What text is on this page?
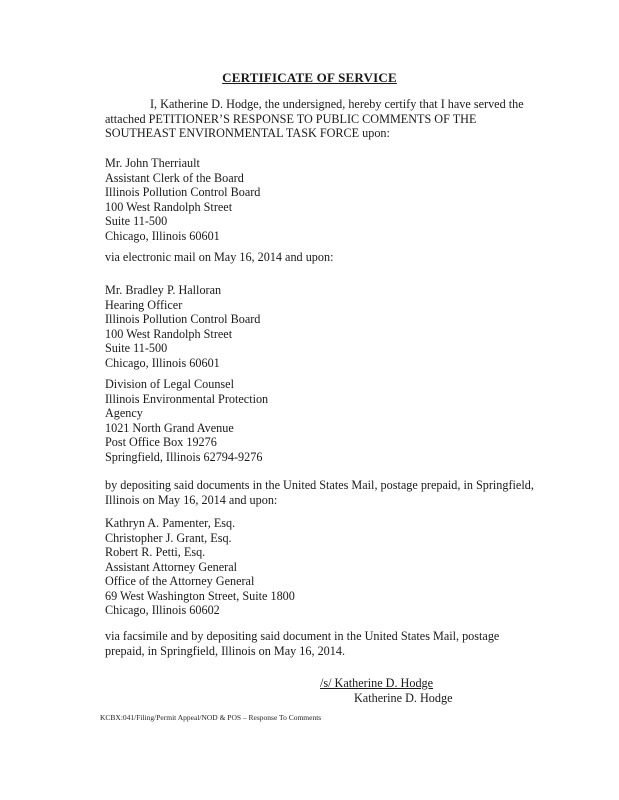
CERTIFICATE OF SERVICE
I, Katherine D. Hodge, the undersigned, hereby certify that I have served the attached PETITIONER’S RESPONSE TO PUBLIC COMMENTS OF THE SOUTHEAST ENVIRONMENTAL TASK FORCE upon:
Mr. John Therriault
Assistant Clerk of the Board
Illinois Pollution Control Board
100 West Randolph Street
Suite 11-500
Chicago, Illinois 60601
via electronic mail on May 16, 2014 and upon:
Mr. Bradley P. Halloran
Hearing Officer
Illinois Pollution Control Board
100 West Randolph Street
Suite 11-500
Chicago, Illinois 60601
Division of Legal Counsel
Illinois Environmental Protection
Agency
1021 North Grand Avenue
Post Office Box 19276
Springfield, Illinois 62794-9276
by depositing said documents in the United States Mail, postage prepaid, in Springfield, Illinois on May 16, 2014 and upon:
Kathryn A. Pamenter, Esq.
Christopher J. Grant, Esq.
Robert R. Petti, Esq.
Assistant Attorney General
Office of the Attorney General
69 West Washington Street, Suite 1800
Chicago, Illinois 60602
via facsimile and by depositing said document in the United States Mail, postage prepaid, in Springfield, Illinois on May 16, 2014.
/s/ Katherine D. Hodge
Katherine D. Hodge
KCBX:041/Filing/Permit Appeal/NOD & POS – Response To Comments
